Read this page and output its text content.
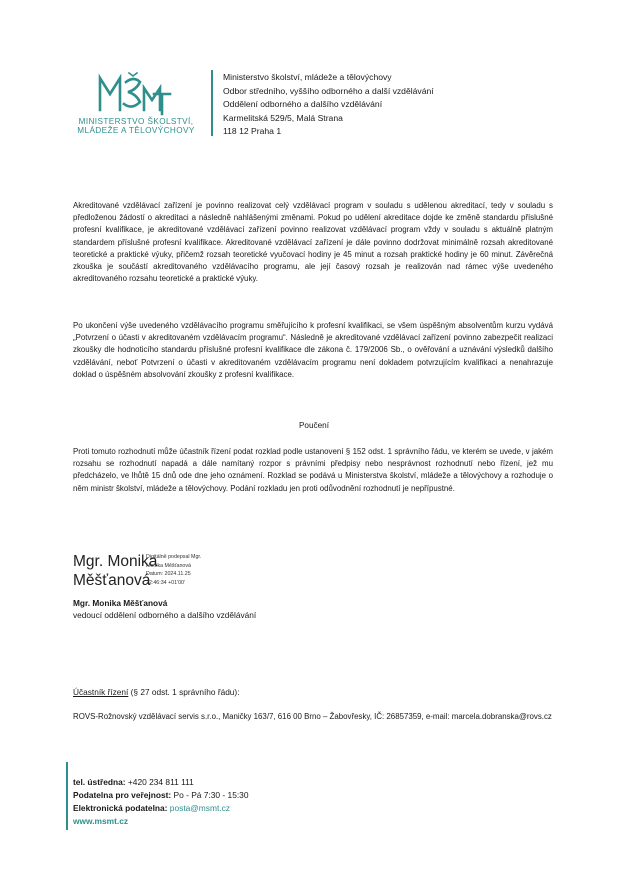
MINISTERSTVO ŠKOLSTVÍ,
MLÁDEŽE A TĚLOVÝCHOVY
Ministerstvo školství, mládeže a tělovýchovy
Odbor středního, vyššího odborného a další vzdělávání
Oddělení odborného a dalšího vzdělávání
Karmelitská 529/5, Malá Strana
118 12 Praha 1
Akreditované vzdělávací zařízení je povinno realizovat celý vzdělávací program v souladu s udělenou akreditací, tedy v souladu s předloženou žádostí o akreditaci a následně nahlášenými změnami. Pokud po udělení akreditace dojde ke změně standardu příslušné profesní kvalifikace, je akreditované vzdělávací zařízení povinno realizovat vzdělávací program vždy v souladu s aktuálně platným standardem příslušné profesní kvalifikace. Akreditované vzdělávací zařízení je dále povinno dodržovat minimálně rozsah akreditované teoretické a praktické výuky, přičemž rozsah teoretické vyučovací hodiny je 45 minut a rozsah praktické hodiny je 60 minut. Závěrečná zkouška je součástí akreditovaného vzdělávacího programu, ale její časový rozsah je realizován nad rámec výše uvedeného akreditovaného rozsahu teoretické a praktické výuky.
Po ukončení výše uvedeného vzdělávacího programu směřujícího k profesní kvalifikaci, se všem úspěšným absolventům kurzu vydává „Potvrzení o účasti v akreditovaném vzdělávacím programu“. Následně je akreditované vzdělávací zařízení povinno zabezpečit realizaci zkoušky dle hodnoticího standardu příslušné profesní kvalifikace dle zákona č. 179/2006 Sb., o ověřování a uznávání výsledků dalšího vzdělávání, neboť Potvrzení o účasti v akreditovaném vzdělávacím programu není dokladem potvrzujícím kvalifikaci a nenahrazuje doklad o úspěšném absolvování zkoušky z profesní kvalifikace.
Poučení
Proti tomuto rozhodnutí může účastník řízení podat rozklad podle ustanovení § 152 odst. 1 správního řádu, ve kterém se uvede, v jakém rozsahu se rozhodnutí napadá a dále namítaný rozpor s právními předpisy nebo nesprávnost rozhodnutí nebo řízení, jež mu předcházelo, ve lhůtě 15 dnů ode dne jeho oznámení. Rozklad se podává u Ministerstva školství, mládeže a tělovýchovy a rozhoduje o něm ministr školství, mládeže a tělovýchovy. Podání rozkladu jen proti odůvodnění rozhodnutí je nepřípustné.
Mgr. Monika
Měšťanová
Digitálně podepsal Mgr.
Monika Měšťanová
Datum: 2024.11.25
22:46:34 +01'00'
Mgr. Monika Měšťanová
vedoucí oddělení odborného a dalšího vzdělávání
Účastník řízení (§ 27 odst. 1 správního řádu):
ROVS-Rožnovský vzdělávací servis s.r.o., Maničky 163/7, 616 00 Brno – Žabovřesky, IČ: 26857359, e-mail: marcela.dobranska@rovs.cz
tel. ústředna: +420 234 811 111
Podatelna pro veřejnost: Po - Pá 7:30 - 15:30
Elektronická podatelna: posta@msmt.cz
www.msmt.cz
